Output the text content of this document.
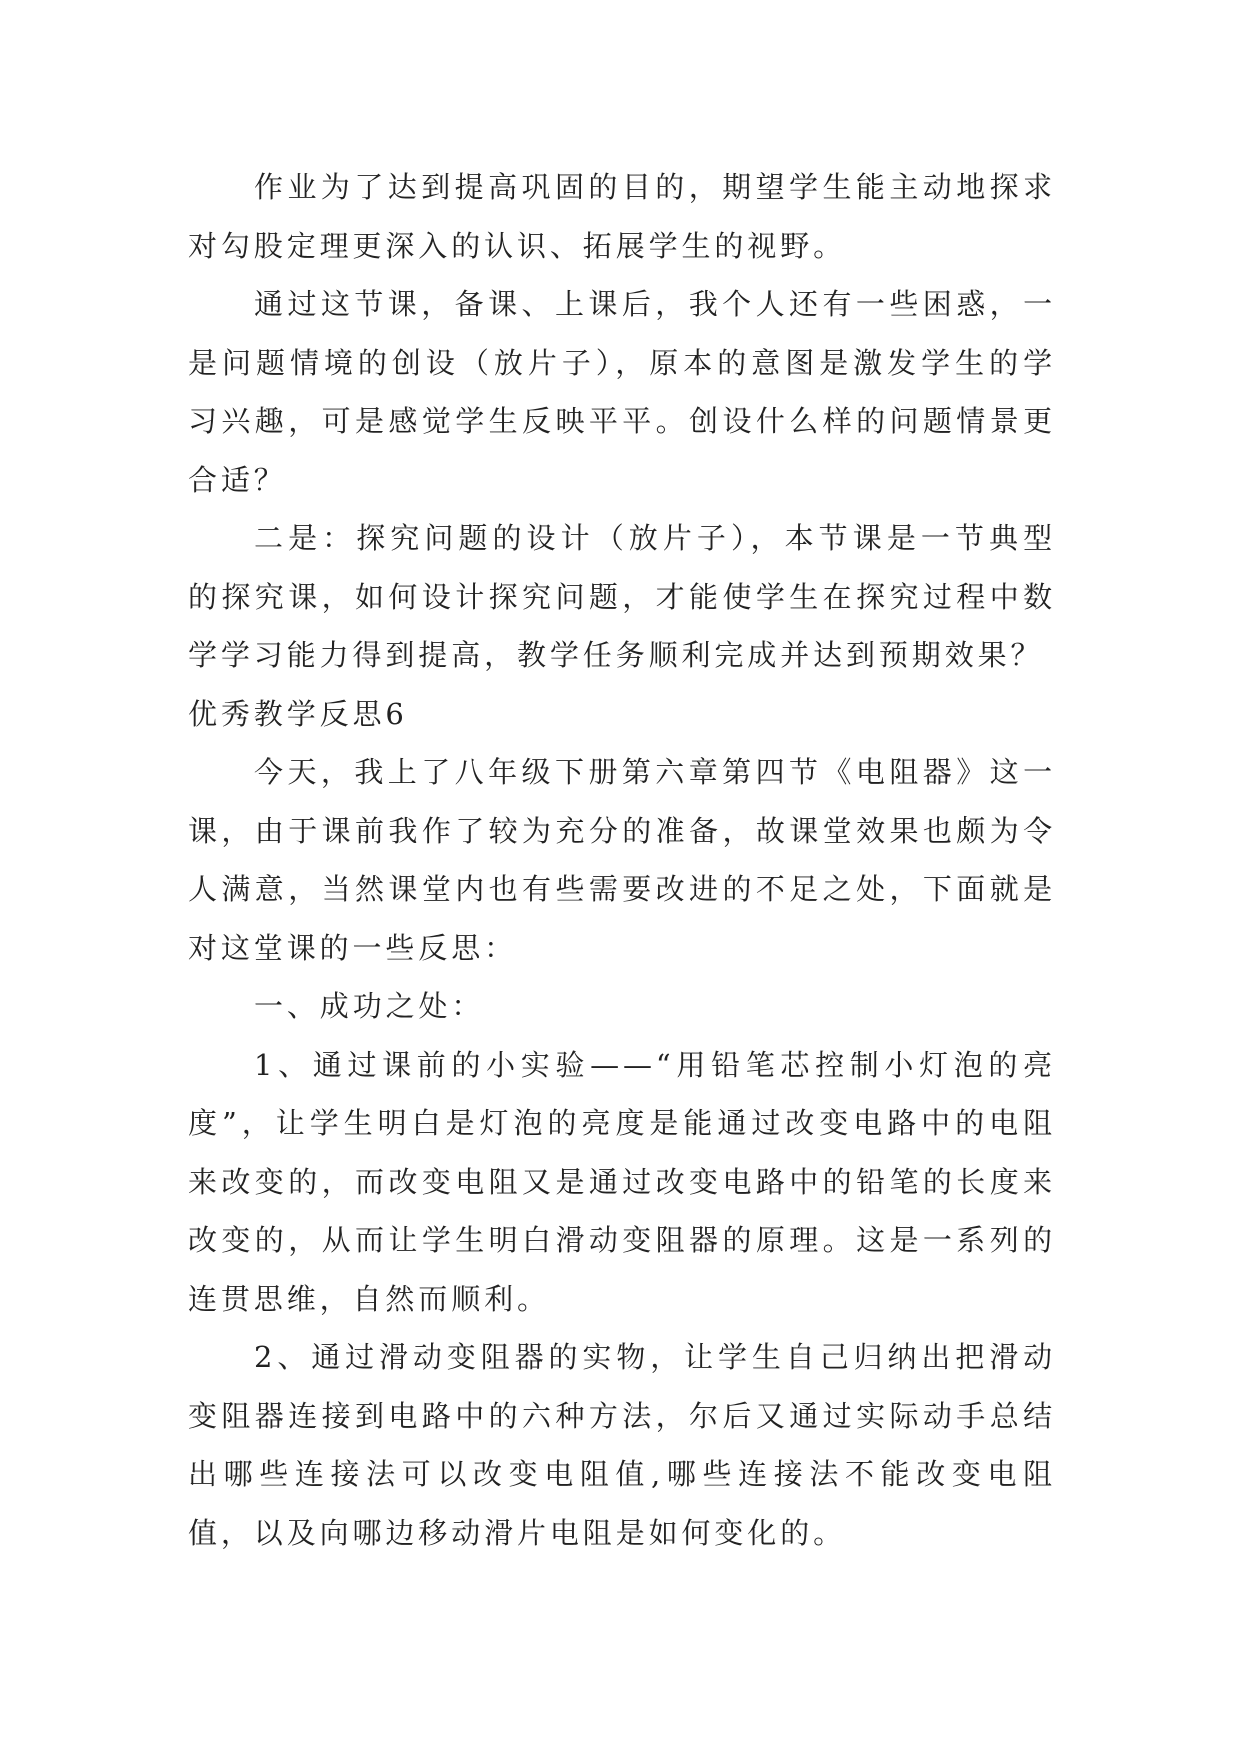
作业为了达到提高巩固的目的，期望学生能主动地探求对勾股定理更深入的认识、拓展学生的视野。

通过这节课，备课、上课后，我个人还有一些困惑，一是问题情境的创设（放片子），原本的意图是激发学生的学习兴趣，可是感觉学生反映平平。创设什么样的问题情景更合适？

二是：探究问题的设计（放片子），本节课是一节典型的探究课，如何设计探究问题，才能使学生在探究过程中数学学习能力得到提高，教学任务顺利完成并达到预期效果？

优秀教学反思6

今天，我上了八年级下册第六章第四节《电阻器》这一课，由于课前我作了较为充分的准备，故课堂效果也颇为令人满意，当然课堂内也有些需要改进的不足之处，下面就是对这堂课的一些反思：

一、成功之处：

1、通过课前的小实验——“用铅笔芯控制小灯泡的亮度”，让学生明白是灯泡的亮度是能通过改变电路中的电阻来改变的，而改变电阻又是通过改变电路中的铅笔的长度来改变的，从而让学生明白滑动变阻器的原理。这是一系列的连贯思维，自然而顺利。

2、通过滑动变阻器的实物，让学生自己归纳出把滑动变阻器连接到电路中的六种方法，尔后又通过实际动手总结出哪些连接法可以改变电阻值,哪些连接法不能改变电阻值，以及向哪边移动滑片电阻是如何变化的。
